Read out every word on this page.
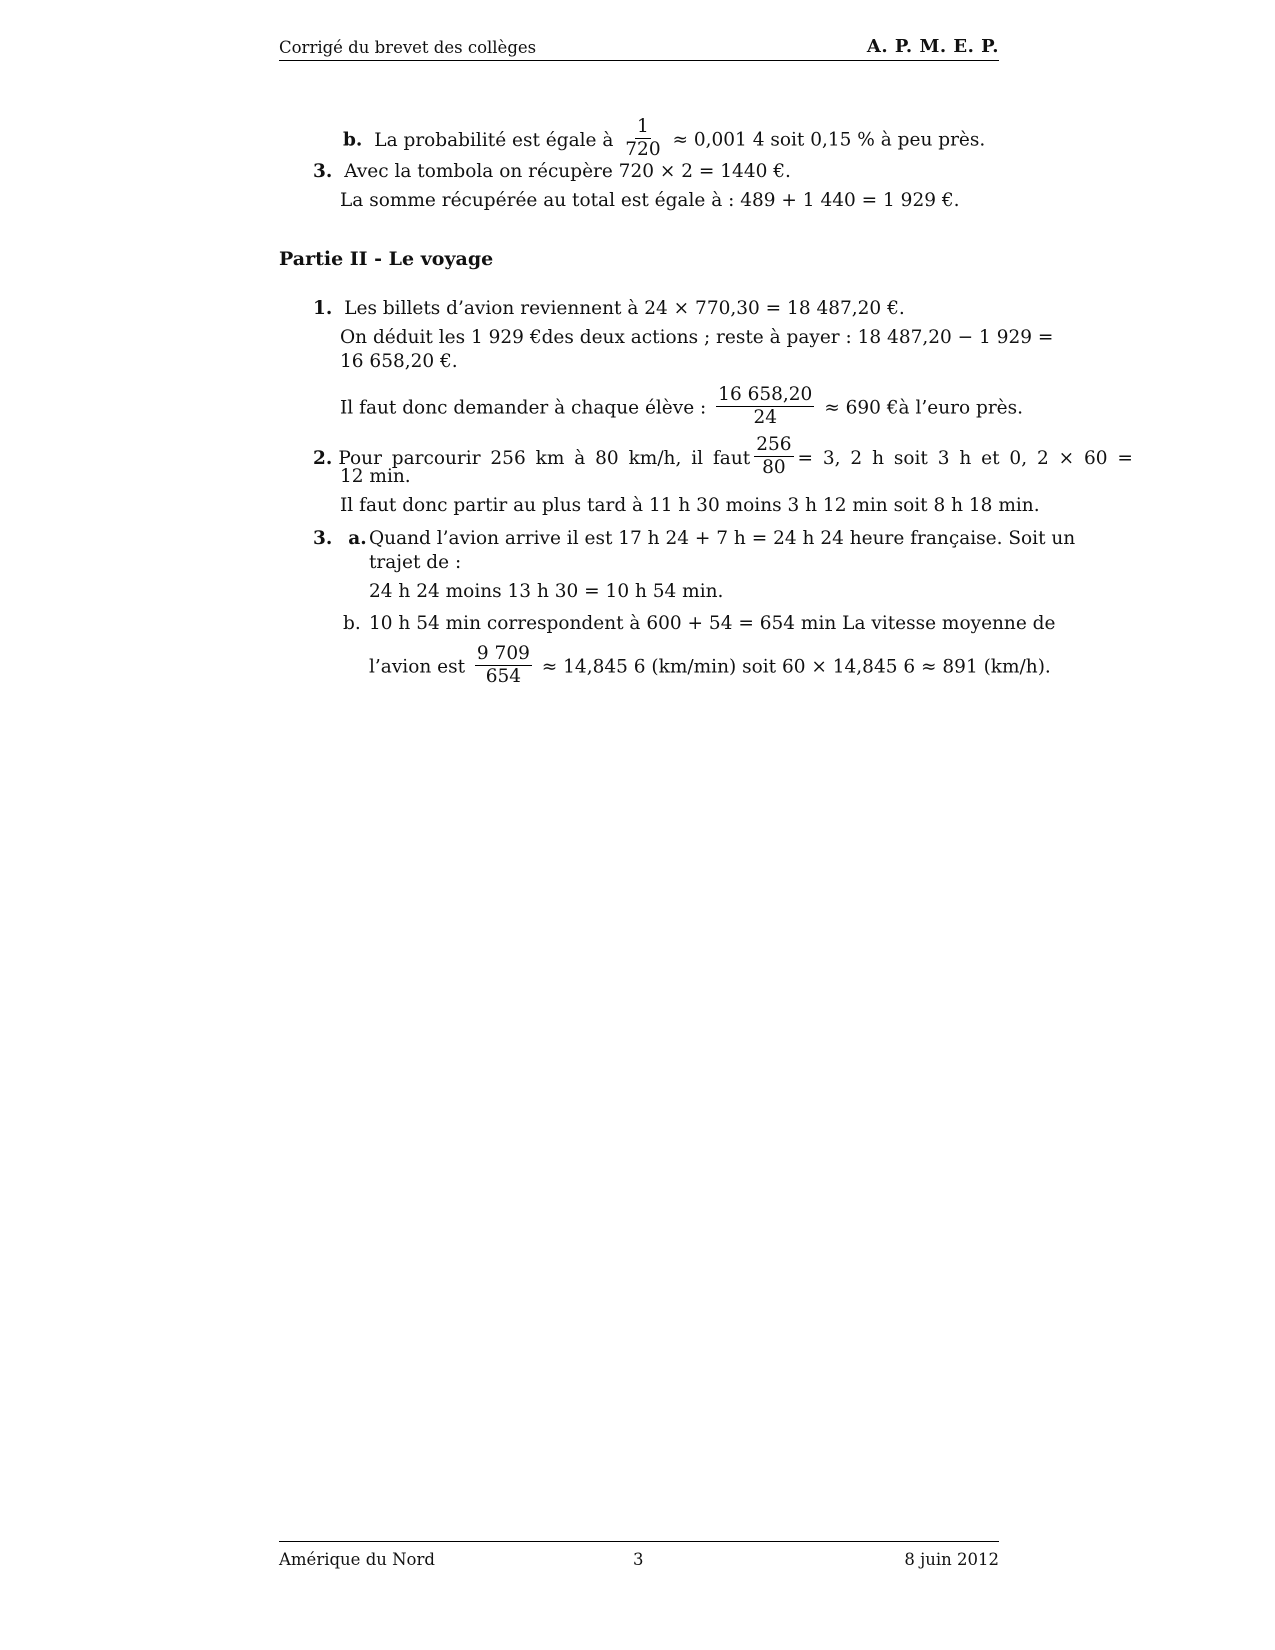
Corrigé du brevet des collèges	A. P. M. E. P.
b. La probabilité est égale à $\frac{1}{720} \approx 0,001$ 4 soit 0,15 % à peu près.
3. Avec la tombola on récupère 720 × 2 = 1440 €.
La somme récupérée au total est égale à : 489 + 1 440 = 1 929 €.
Partie II - Le voyage
1. Les billets d’avion reviennent à 24 × 770,30 = 18 487,20 €.
On déduit les 1 929 €des deux actions ; reste à payer : 18 487,20 − 1 929 =
16 658,20 €.
Il faut donc demander à chaque élève : $\frac{16 658,20}{24} \approx 690$ €à l’euro près.
2. Pour parcourir 256 km à 80 km/h, il faut $\frac{256}{80} = 3$, 2 h soit 3 h et 0, 2 × 60 =
12 min.
Il faut donc partir au plus tard à 11 h 30 moins 3 h 12 min soit 8 h 18 min.
3. a. Quand l’avion arrive il est 17 h 24 + 7 h = 24 h 24 heure française. Soit un
trajet de :
24 h 24 moins 13 h 30 = 10 h 54 min.
b. 10 h 54 min correspondent à 600 + 54 = 654 min La vitesse moyenne de
l’avion est $\frac{9 709}{654} \approx 14,845$ 6 (km/min) soit 60 × 14,845 6 ≈ 891 (km/h).
Amérique du Nord	3	8 juin 2012
